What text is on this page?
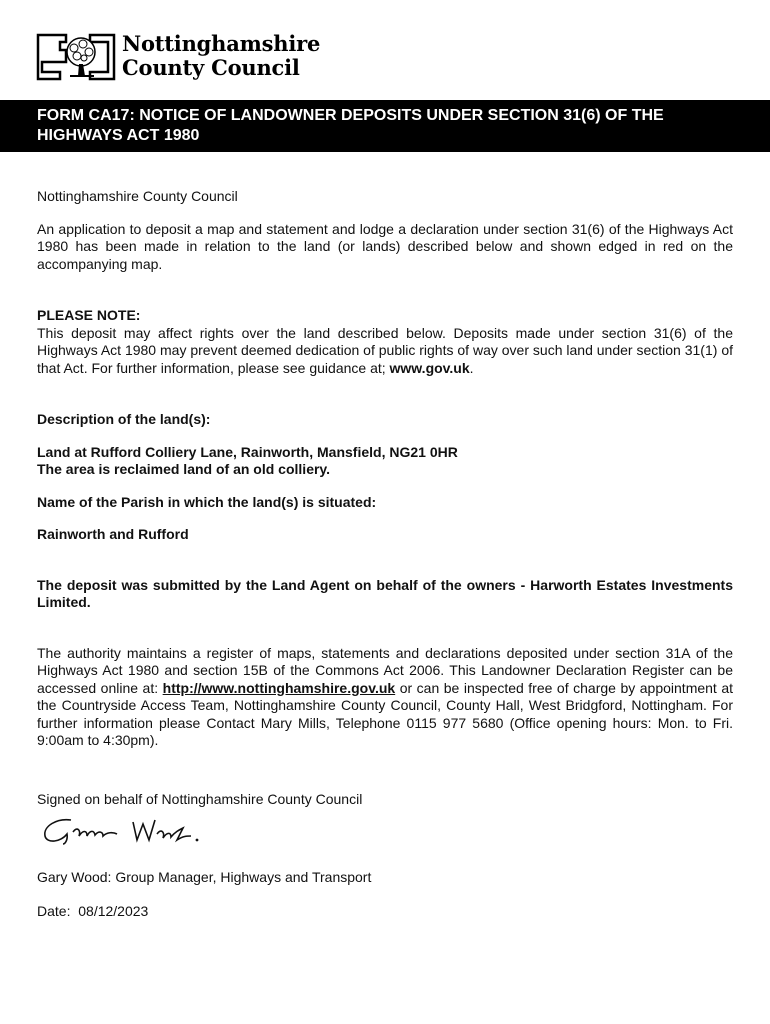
Nottinghamshire
County Council
FORM CA17: NOTICE OF LANDOWNER DEPOSITS UNDER SECTION 31(6) OF THE HIGHWAYS ACT 1980

Nottinghamshire County Council

An application to deposit a map and statement and lodge a declaration under section 31(6) of the Highways Act 1980 has been made in relation to the land (or lands) described below and shown edged in red on the accompanying map.

PLEASE NOTE:

This deposit may affect rights over the land described below. Deposits made under section 31(6) of the Highways Act 1980 may prevent deemed dedication of public rights of way over such land under section 31(1) of that Act. For further information, please see guidance at; www.gov.uk.

Description of the land(s):

Land at Rufford Colliery Lane, Rainworth, Mansfield, NG21 0HR

The area is reclaimed land of an old colliery.

Name of the Parish in which the land(s) is situated:

Rainworth and Rufford

The deposit was submitted by the Land Agent on behalf of the owners - Harworth Estates Investments Limited.

The authority maintains a register of maps, statements and declarations deposited under section 31A of the Highways Act 1980 and section 15B of the Commons Act 2006. This Landowner Declaration Register can be accessed online at: http://www.nottinghamshire.gov.uk or can be inspected free of charge by appointment at the Countryside Access Team, Nottinghamshire County Council, County Hall, West Bridgford, Nottingham. For further information please Contact Mary Mills, Telephone 0115 977 5680 (Office opening hours: Mon. to Fri. 9:00am to 4:30pm).

Signed on behalf of Nottinghamshire County Council
Gary Wood: Group Manager, Highways and Transport
Date: 08/12/2023
